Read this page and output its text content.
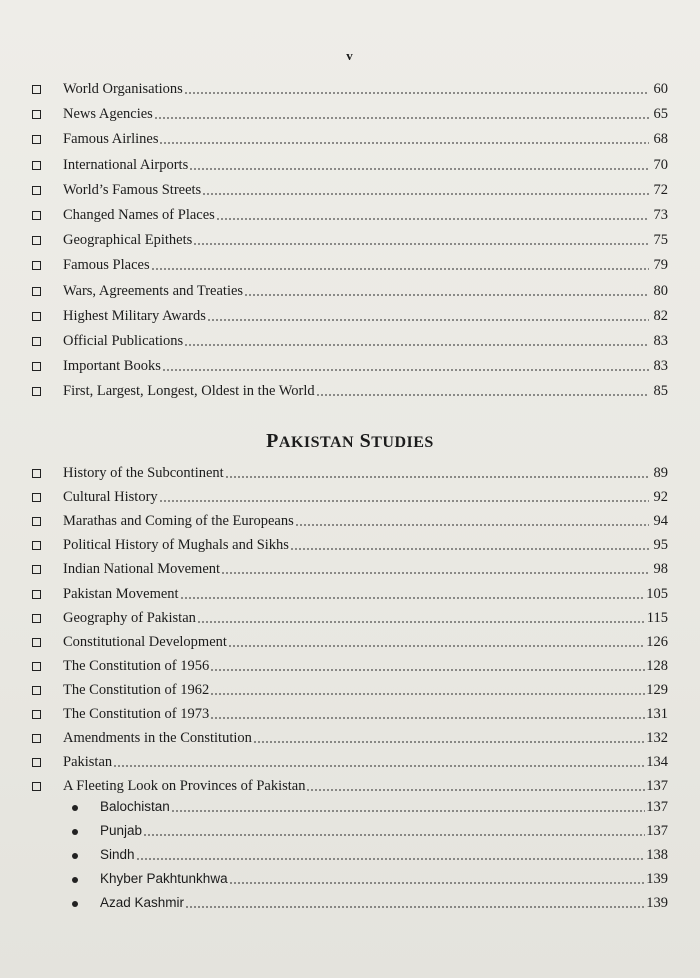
v
World Organisations	60
News Agencies	65
Famous Airlines	68
International Airports	70
World’s Famous Streets	72
Changed Names of Places	73
Geographical Epithets	75
Famous Places	79
Wars, Agreements and Treaties	80
Highest Military Awards	82
Official Publications	83
Important Books	83
First, Largest, Longest, Oldest in the World	85
History of the Subcontinent	89
Cultural History	92
Marathas and Coming of the Europeans	94
Political History of Mughals and Sikhs	95
Indian National Movement	98
Pakistan Movement	105
Geography of Pakistan	115
Constitutional Development	126
The Constitution of 1956	128
The Constitution of 1962	129
The Constitution of 1973	131
Amendments in the Constitution	132
Pakistan	134
A Fleeting Look on Provinces of Pakistan	137
Balochistan	137
Punjab	137
Sindh	138
Khyber Pakhtunkhwa	139
Azad Kashmir	139
PAKISTAN STUDIES
